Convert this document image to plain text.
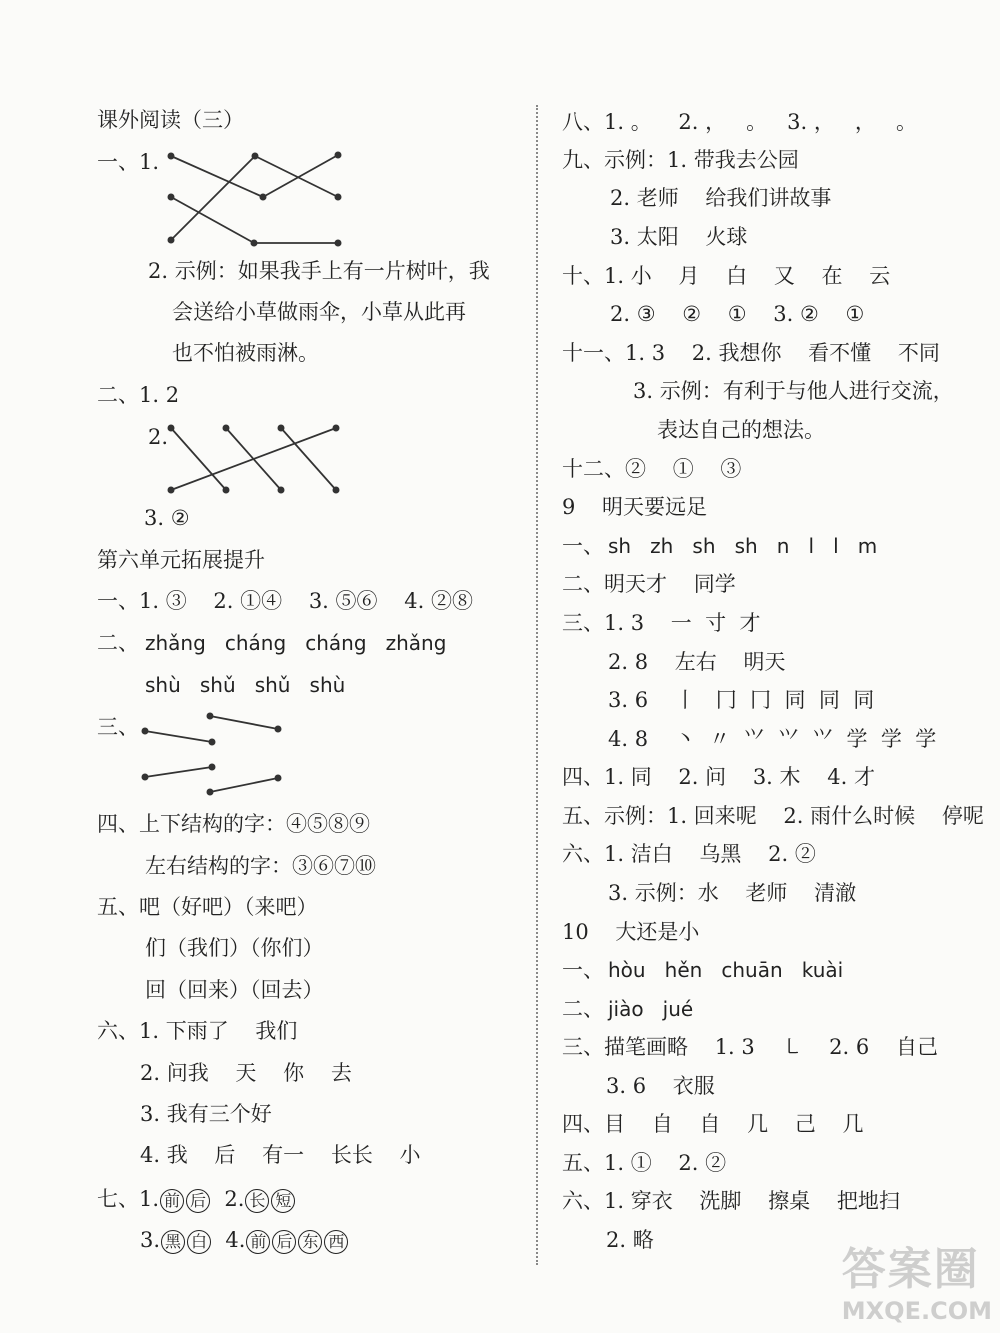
课外阅读（三）
一、1.
2. 示例：如果我手上有一片树叶，我
会送给小草做雨伞，小草从此再
也不怕被雨淋。
二、1. 2
2.
3. ②
第六单元拓展提升
一、1. ③    2. ①④    3. ⑤⑥    4. ②⑧
二、 zhǎng   cháng   cháng   zhǎng
shù   shǔ   shǔ   shù
三、
四、上下结构的字：④⑤⑧⑨
左右结构的字：③⑥⑦⑩
五、吧（好吧）（来吧）
们（我们）（你们）
回（回来）（回去）
六、1. 下雨了    我们
2. 问我    天    你    去
3. 我有三个好
4. 我    后    有一    长长    小
七、1. 前 后  2. 长 短
3. 黑 白  4. 前 后 东 西
八、1. 。    2. ，   。   3. ，   ，   。
九、示例：1. 带我去公园
2. 老师    给我们讲故事
3. 太阳    火球
十、1. 小    月    白    又    在    云
2. ③    ②    ①    3. ②    ①
十一、1. 3    2. 我想你    看不懂    不同
3. 示例：有利于与他人进行交流，
表达自己的想法。
十二、②    ①    ③
9    明天要远足
一、 sh   zh   sh   sh   n   l   l   m
二、明天才    同学
三、1. 3    一  寸  才
2. 8    左右    明天
3. 6    丨   冂  冂  同  同  同
4. 8    丶  〃  ⺍  ⺍  ⺍  学  学  学
四、1. 同    2. 问    3. 木    4. 才
五、示例：1. 回来呢    2. 雨什么时候    停呢
六、1. 洁白    乌黑    2. ②
3. 示例：水    老师    清澈
10    大还是小
一、 hòu   hěn   chuān   kuài
二、 jiào   jué
三、描笔画略    1. 3    ㇄    2. 6    自己
3. 6    衣服
四、目    自    自    几    己    几
五、1. ①    2. ②
六、1. 穿衣    洗脚    擦桌    把地扫
2. 略
答案圈
MXQE.COM
